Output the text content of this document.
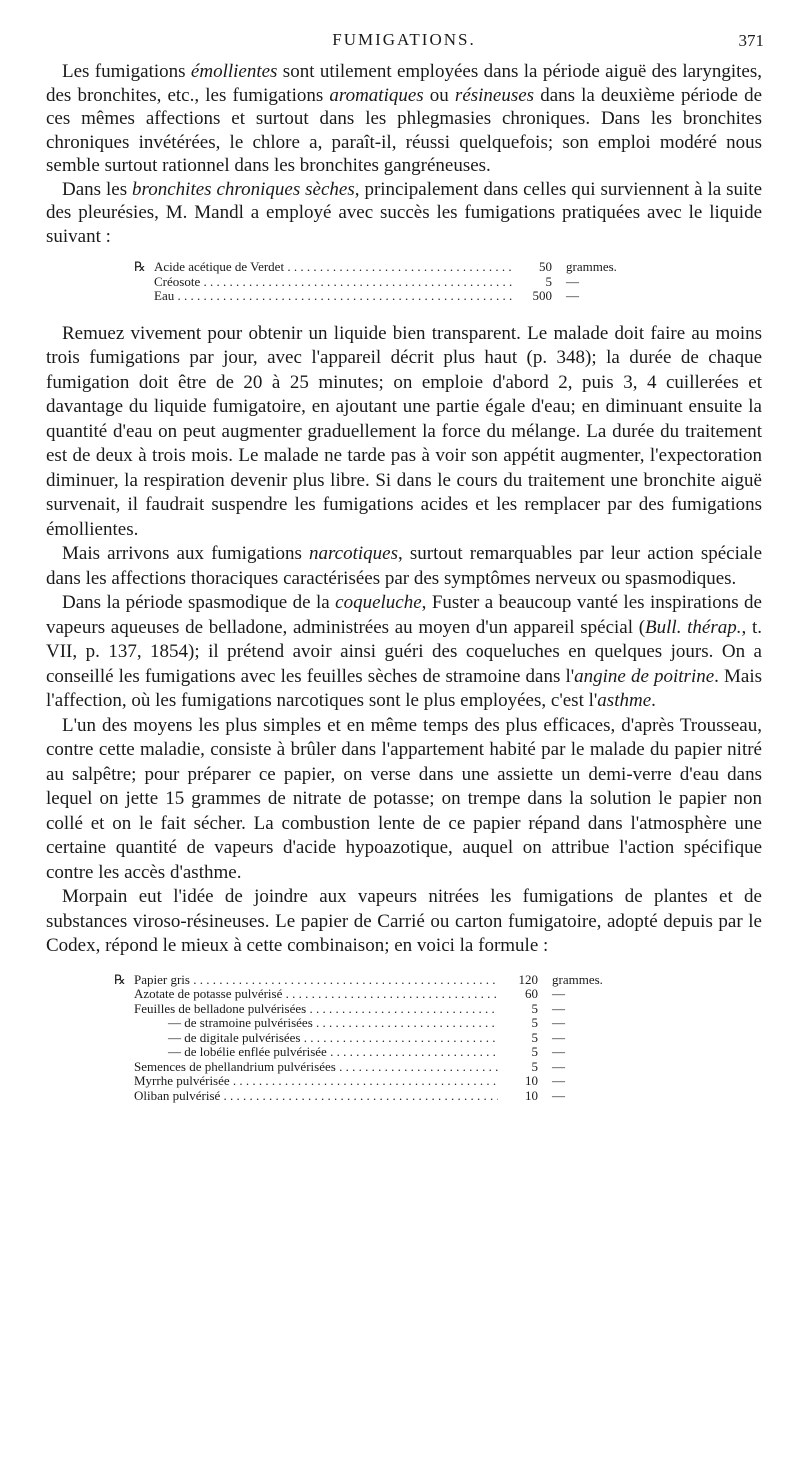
FUMIGATIONS.	371

Les fumigations émollientes sont utilement employées dans la période aiguë des laryngites, des bronchites, etc., les fumigations aromatiques ou résineuses dans la deuxième période de ces mêmes affections et surtout dans les phlegmasies chroniques. Dans les bronchites chroniques invétérées, le chlore a, paraît-il, réussi quelquefois; son emploi modéré nous semble surtout rationnel dans les bronchites gangréneuses.

Dans les bronchites chroniques sèches, principalement dans celles qui surviennent à la suite des pleurésies, M. Mandl a employé avec succès les fumigations pratiquées avec le liquide suivant :

℞ Acide acétique de Verdet . . .	50	grammes.
Créosote . . .	5	—
Eau . . .	500	—

Remuez vivement pour obtenir un liquide bien transparent. Le malade doit faire au moins trois fumigations par jour, avec l'appareil décrit plus haut (p. 348); la durée de chaque fumigation doit être de 20 à 25 minutes; on emploie d'abord 2, puis 3, 4 cuillerées et davantage du liquide fumigatoire, en ajoutant une partie égale d'eau; en diminuant ensuite la quantité d'eau on peut augmenter graduellement la force du mélange. La durée du traitement est de deux à trois mois. Le malade ne tarde pas à voir son appétit augmenter, l'expectoration diminuer, la respiration devenir plus libre. Si dans le cours du traitement une bronchite aiguë survenait, il faudrait suspendre les fumigations acides et les remplacer par des fumigations émollientes.

Mais arrivons aux fumigations narcotiques, surtout remarquables par leur action spéciale dans les affections thoraciques caractérisées par des symptômes nerveux ou spasmodiques.

Dans la période spasmodique de la coqueluche, Fuster a beaucoup vanté les inspirations de vapeurs aqueuses de belladone, administrées au moyen d'un appareil spécial (Bull. thérap., t. VII, p. 137, 1854); il prétend avoir ainsi guéri des coqueluches en quelques jours. On a conseillé les fumigations avec les feuilles sèches de stramoine dans l'angine de poitrine. Mais l'affection, où les fumigations narcotiques sont le plus employées, c'est l'asthme.

L'un des moyens les plus simples et en même temps des plus efficaces, d'après Trousseau, contre cette maladie, consiste à brûler dans l'appartement habité par le malade du papier nitré au salpêtre; pour préparer ce papier, on verse dans une assiette un demi-verre d'eau dans lequel on jette 15 grammes de nitrate de potasse; on trempe dans la solution le papier non collé et on le fait sécher. La combustion lente de ce papier répand dans l'atmosphère une certaine quantité de vapeurs d'acide hypoazotique, auquel on attribue l'action spécifique contre les accès d'asthme.

Morpain eut l'idée de joindre aux vapeurs nitrées les fumigations de plantes et de substances viroso-résineuses. Le papier de Carrié ou carton fumigatoire, adopté depuis par le Codex, répond le mieux à cette combinaison; en voici la formule :

℞ Papier gris . . .	120	grammes.
Azotate de potasse pulvérisé . . .	60	—
Feuilles de belladone pulvérisées . . .	5	—
— de stramoine pulvérisées . . .	5	—
— de digitale pulvérisées . . .	5	—
— de lobélie enflée pulvérisée . . .	5	—
Semences de phellandrium pulvérisées . . .	5	—
Myrrhe pulvérisée . . .	10	—
Oliban pulvérisé . . .	10	—
